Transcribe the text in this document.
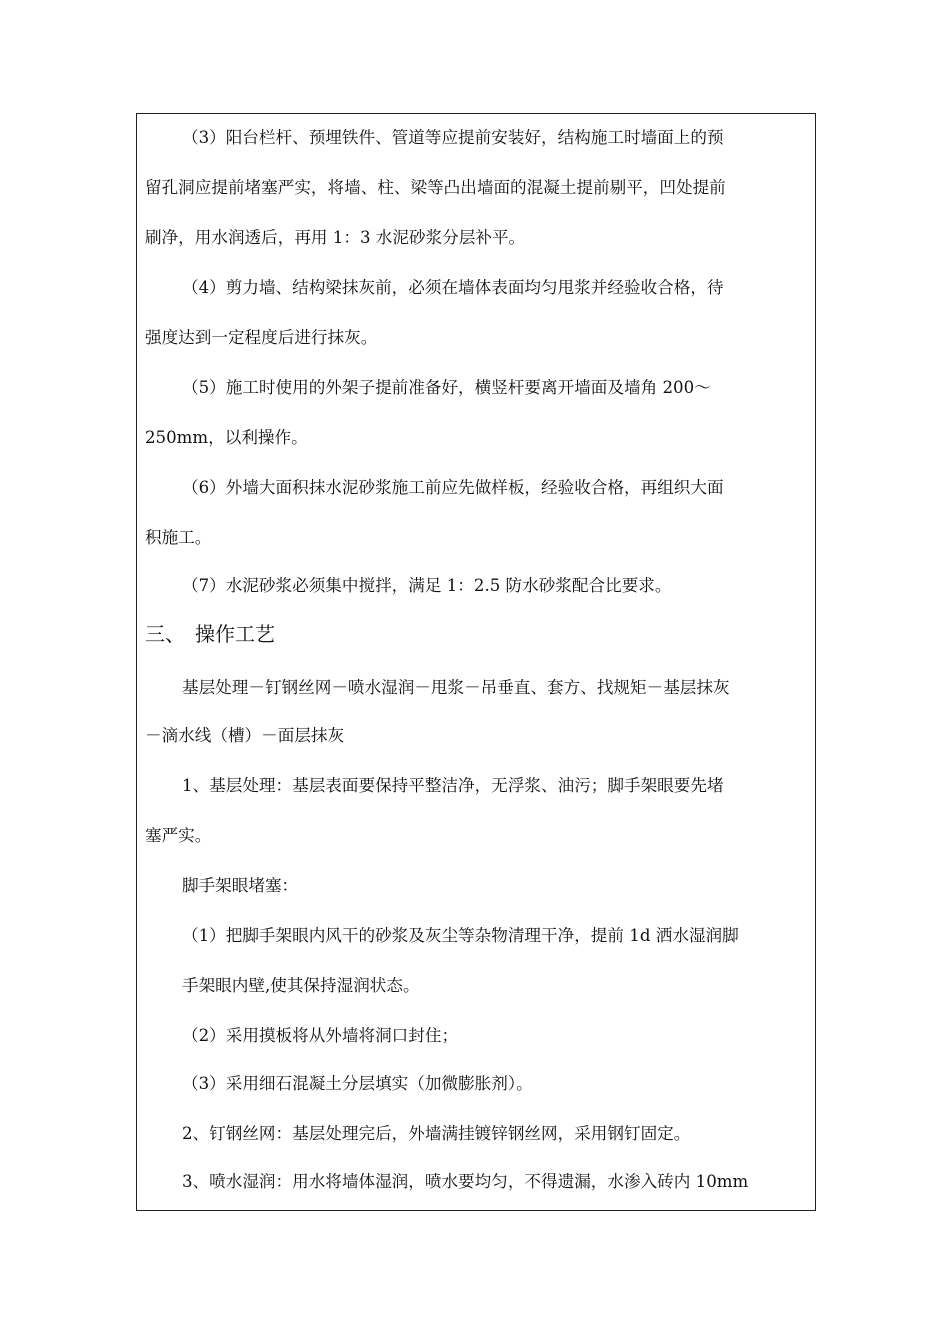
（3）阳台栏杆、预埋铁件、管道等应提前安装好，结构施工时墙面上的预
留孔洞应提前堵塞严实，将墙、柱、梁等凸出墙面的混凝土提前剔平，凹处提前
刷净，用水润透后，再用 1：3 水泥砂浆分层补平。
（4）剪力墙、结构梁抹灰前，必须在墙体表面均匀甩浆并经验收合格，待
强度达到一定程度后进行抹灰。
（5）施工时使用的外架子提前准备好，横竖杆要离开墙面及墙角 200～
250mm，以利操作。
（6）外墙大面积抹水泥砂浆施工前应先做样板，经验收合格，再组织大面
积施工。
（7）水泥砂浆必须集中搅拌，满足 1：2.5 防水砂浆配合比要求。
三、　操作工艺
基层处理－钉钢丝网－喷水湿润－甩浆－吊垂直、套方、找规矩－基层抹灰
－滴水线（槽）－面层抹灰
1、基层处理：基层表面要保持平整洁净，无浮浆、油污；脚手架眼要先堵
塞严实。
脚手架眼堵塞：
（1）把脚手架眼内风干的砂浆及灰尘等杂物清理干净，提前 1d 洒水湿润脚
手架眼内壁,使其保持湿润状态。
（2）采用摸板将从外墙将洞口封住；
（3）采用细石混凝土分层填实（加微膨胀剂）。
2、钉钢丝网：基层处理完后，外墙满挂镀锌钢丝网，采用钢钉固定。
3、喷水湿润：用水将墙体湿润，喷水要均匀，不得遗漏，水渗入砖内 10mm
